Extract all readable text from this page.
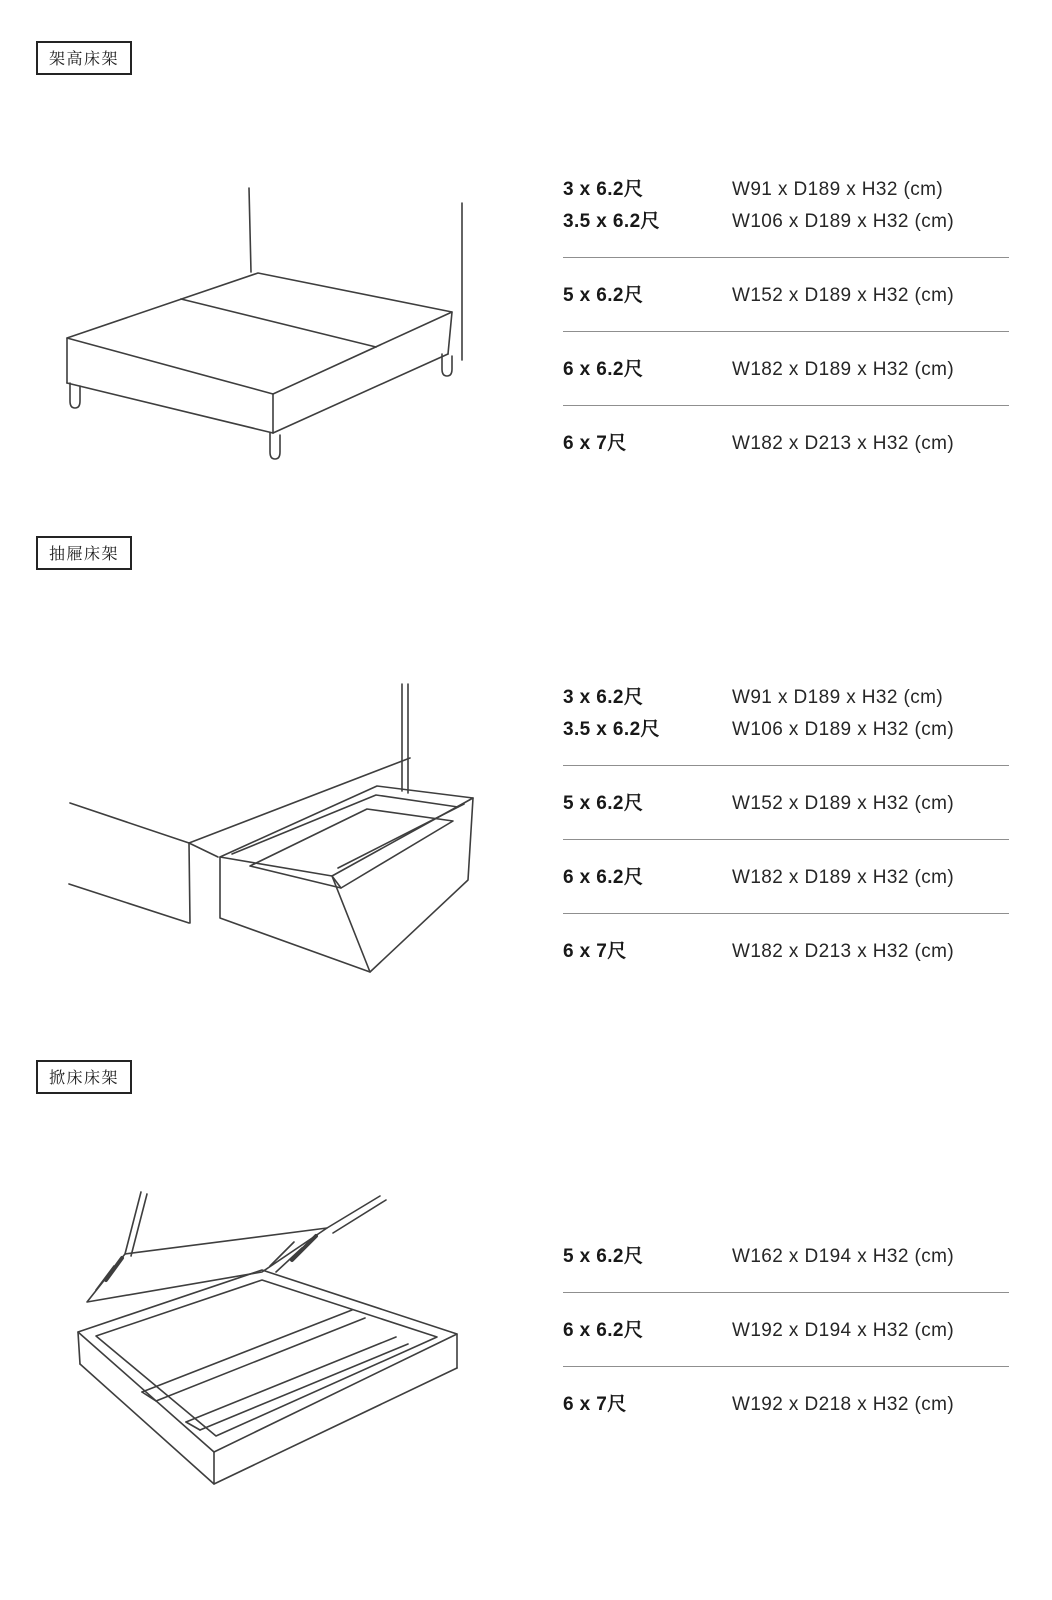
架高床架
3 x 6.2尺	W91 x D189 x H32 (cm)
3.5 x 6.2尺	W106 x D189 x H32 (cm)
5 x 6.2尺	W152 x D189 x H32 (cm)
6 x 6.2尺	W182 x D189 x H32 (cm)
6 x 7尺	W182 x D213 x H32 (cm)
抽屜床架
3 x 6.2尺	W91 x D189 x H32 (cm)
3.5 x 6.2尺	W106 x D189 x H32 (cm)
5 x 6.2尺	W152 x D189 x H32 (cm)
6 x 6.2尺	W182 x D189 x H32 (cm)
6 x 7尺	W182 x D213 x H32 (cm)
掀床床架
5 x 6.2尺	W162 x D194 x H32 (cm)
6 x 6.2尺	W192 x D194 x H32 (cm)
6 x 7尺	W192 x D218 x H32 (cm)
